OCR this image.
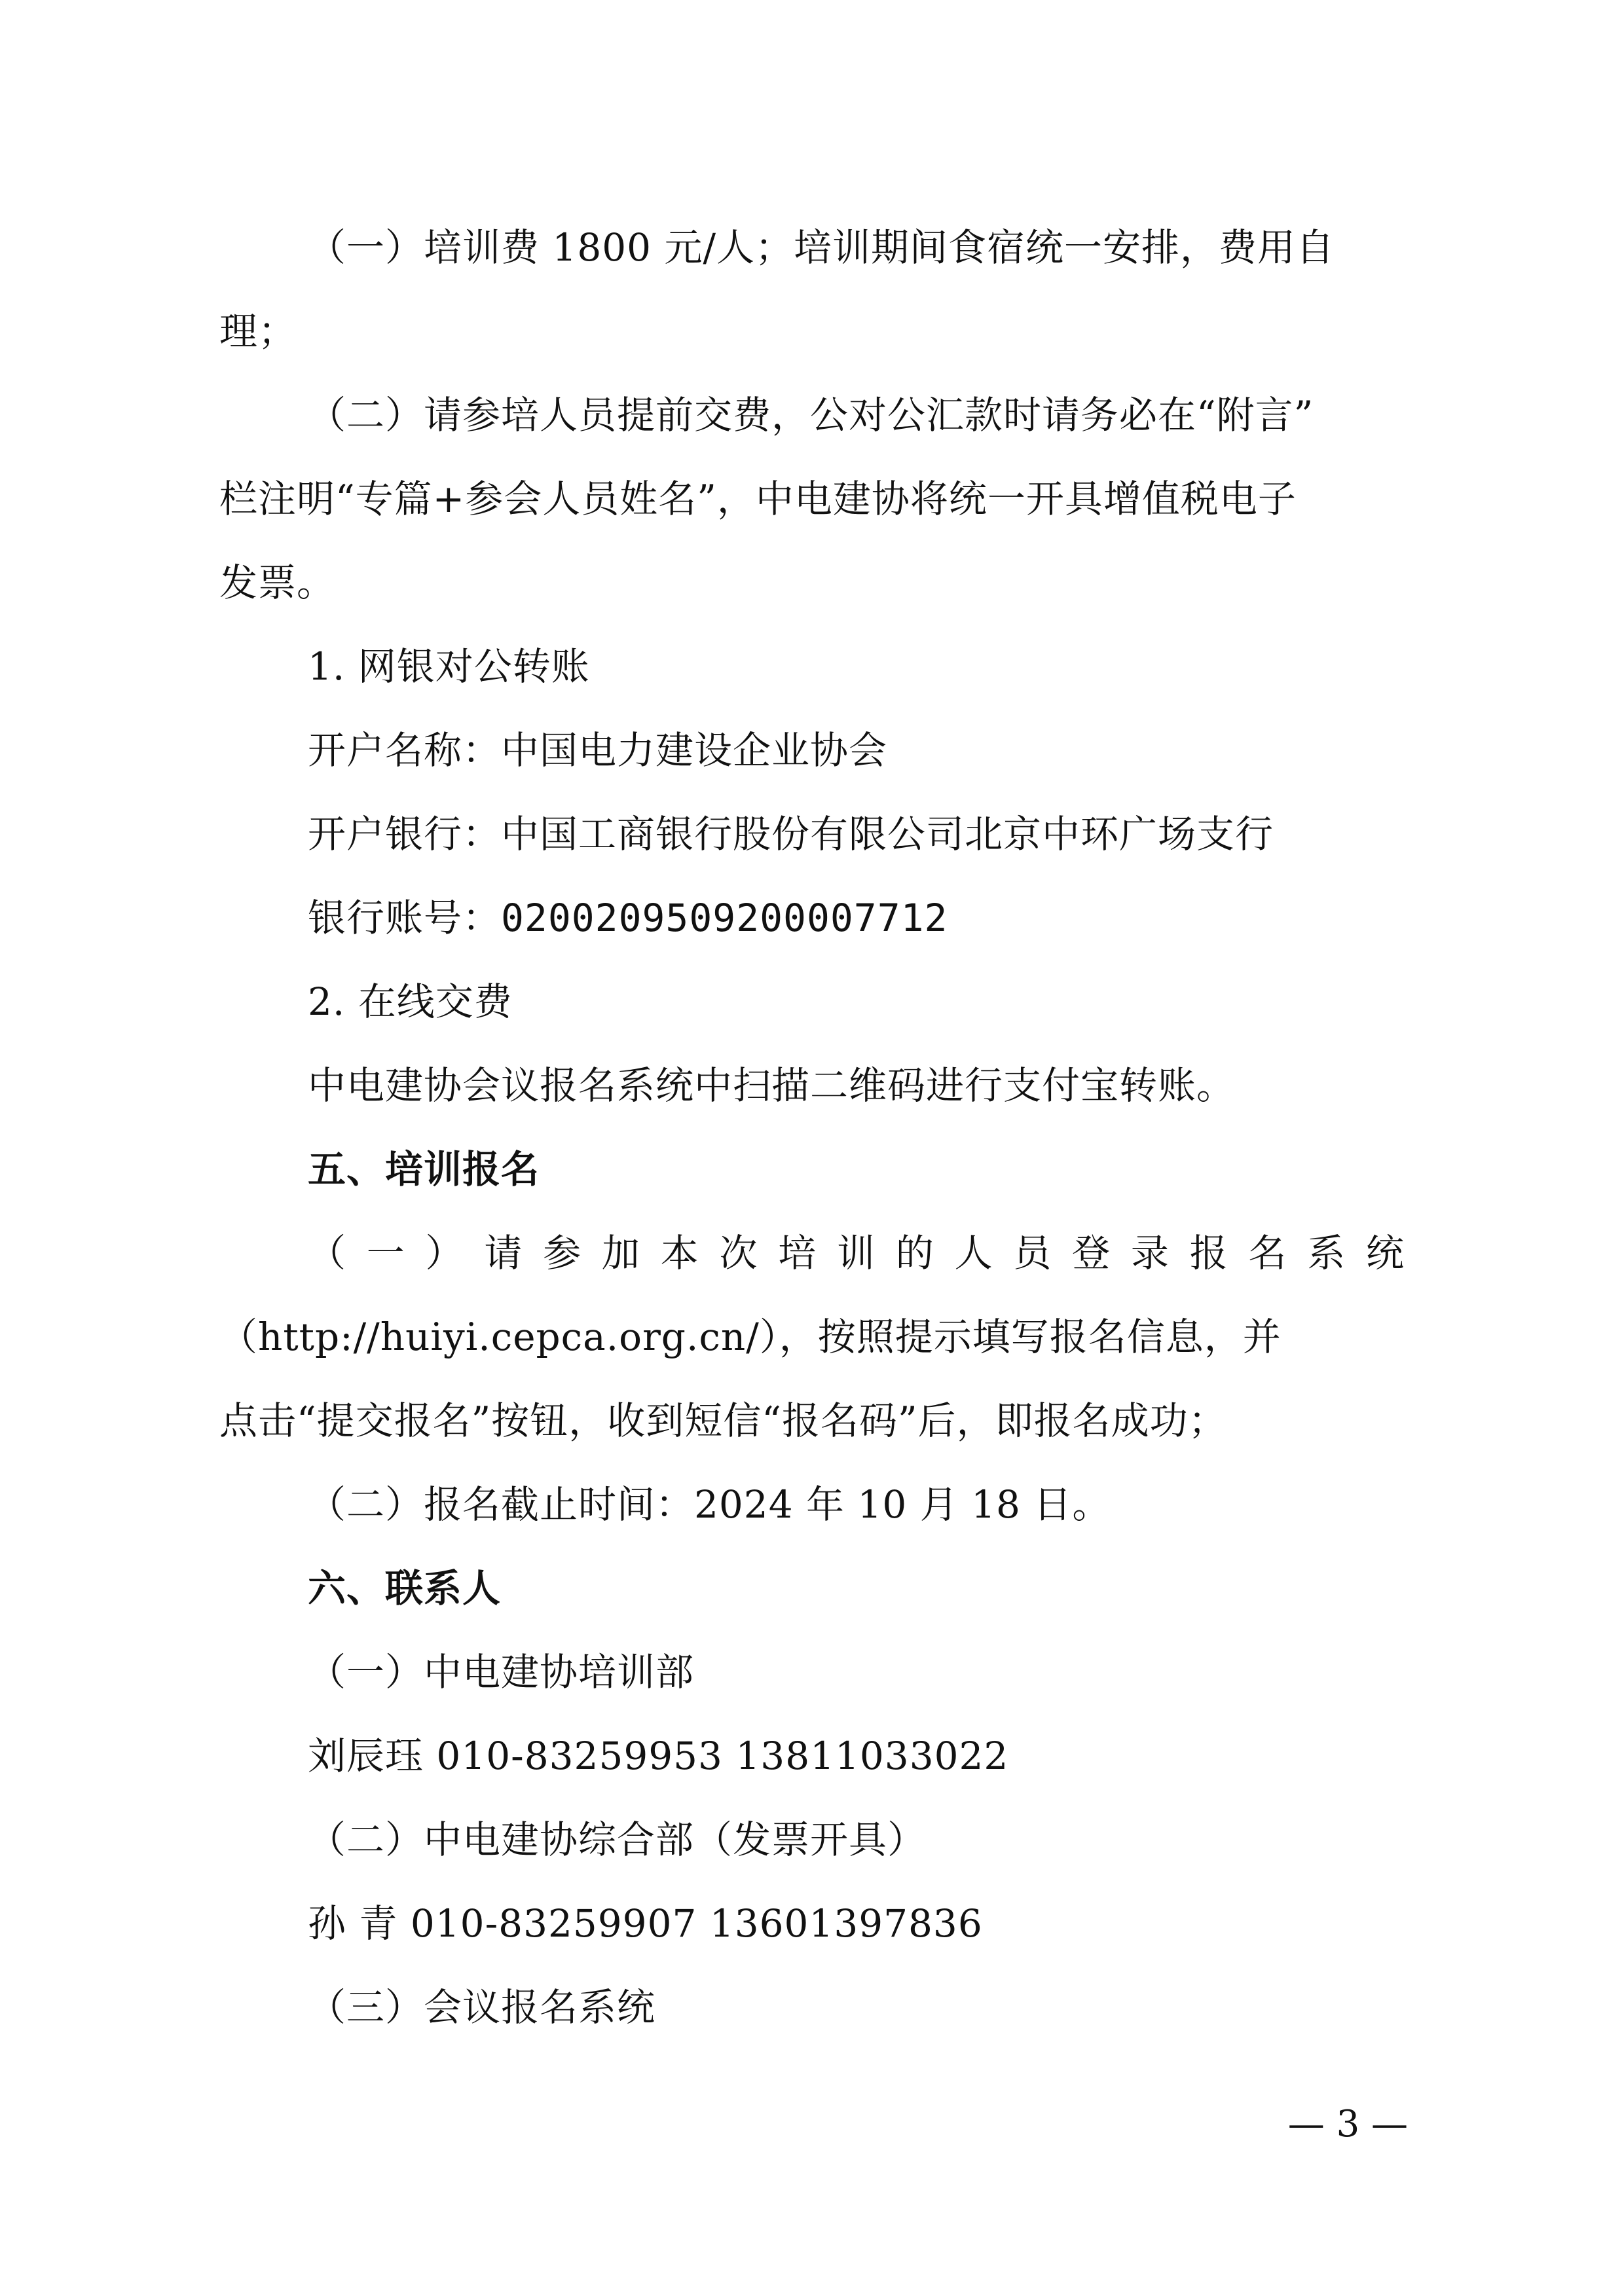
（一）培训费 1800 元/人；培训期间食宿统一安排，费用自
理；
（二）请参培人员提前交费，公对公汇款时请务必在“附言”
栏注明“专篇+参会人员姓名”，中电建协将统一开具增值税电子
发票。
1. 网银对公转账
开户名称：中国电力建设企业协会
开户银行：中国工商银行股份有限公司北京中环广场支行
银行账号：0200209509200007712
2. 在线交费
中电建协会议报名系统中扫描二维码进行支付宝转账。
五、培训报名
（一）请参加本次培训的人员登录报名系统
（http://huiyi.cepca.org.cn/），按照提示填写报名信息，并
点击“提交报名”按钮，收到短信“报名码”后，即报名成功；
（二）报名截止时间：2024 年 10 月 18 日。
六、联系人
（一）中电建协培训部
刘辰珏 010-83259953 13811033022
（二）中电建协综合部（发票开具）
孙 青 010-83259907 13601397836
（三）会议报名系统
— 3 —
